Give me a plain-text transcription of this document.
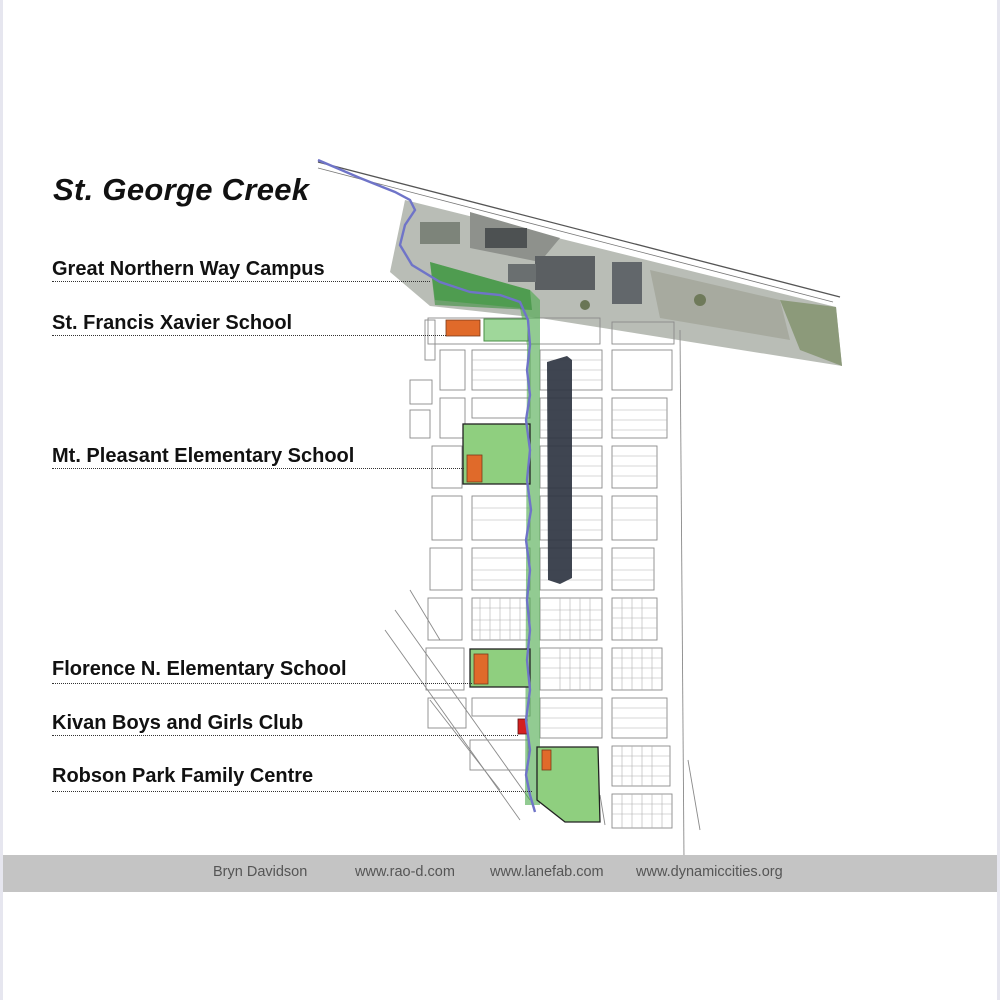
St. George Creek
Great Northern Way Campus
St. Francis Xavier School
Mt. Pleasant Elementary School
Florence N. Elementary School
Kivan Boys and Girls Club
Robson Park Family Centre
Bryn Davidson	www.rao-d.com www.lanefab.com www.dynamiccities.org
